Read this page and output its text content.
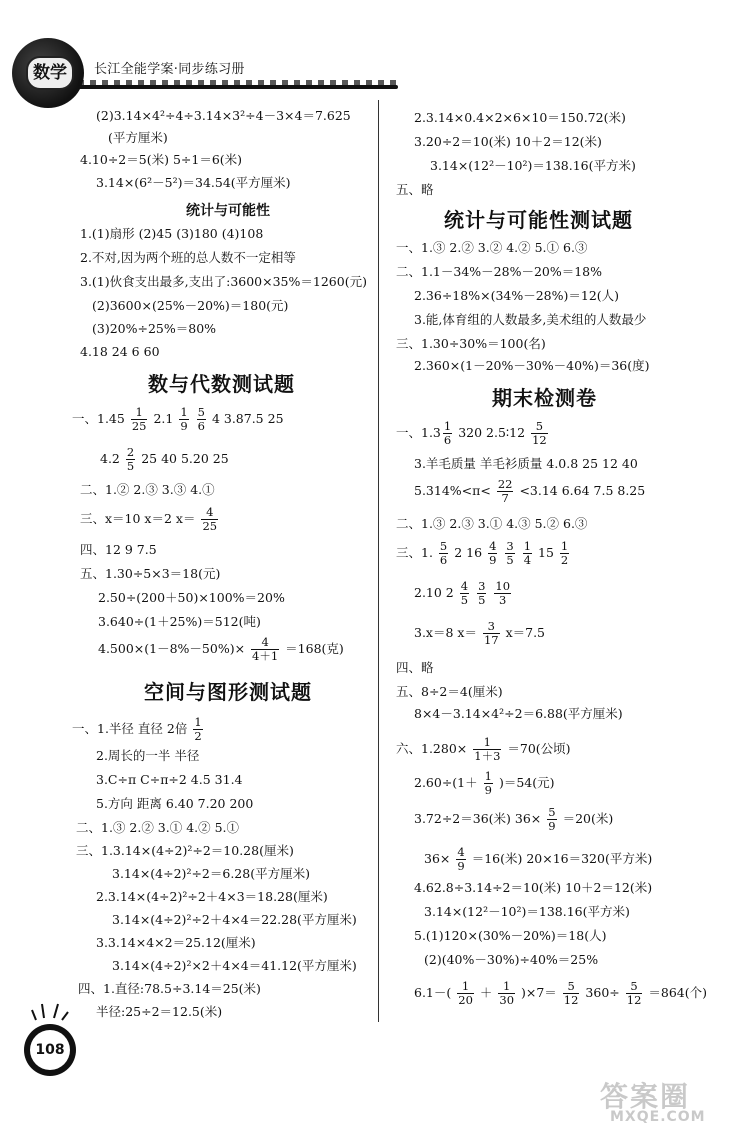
数学	长江全能学案·同步练习册
(2)3.14×4²÷4÷3.14×3²÷4－3×4＝7.625
(平方厘米)
4.10÷2＝5(米) 5÷1＝6(米)
3.14×(6²－5²)＝34.54(平方厘米)
统计与可能性
1.(1)扇形 (2)45 (3)180 (4)108
2.不对,因为两个班的总人数不一定相等
3.(1)伙食支出最多,支出了:3600×35%＝1260(元)
(2)3600×(25%－20%)＝180(元)
(3)20%÷25%＝80%
4.18 24 6 60
数与代数测试题
一、$1.45 \frac{1}{25} 2.1 \frac{1}{9}$
$\frac{5}{6} 4$ 3.87.5 25
$4.2 \frac{2}{5} 25$ 40 5.20 25
二、1.② 2.③ 3.③ 4.①
三、x＝10 x＝2 $x= \frac{4}{25}$
四、12 9 7.5
五、1.30÷5×3＝18(元)
2.50÷(200＋50)×100%＝20%
3.640÷(1＋25%)＝512(吨)
$4.500\times(1-8\%-50\%)\times \frac{4}{4+1} =168$(克)
空间与图形测试题
一、1.半径 直径 2倍 $\frac{1}{2}$
2.周长的一半 半径
3.C÷π C÷π÷2 4.5 31.4
5.方向 距离 6.40 7.20 200
二、1.③ 2.② 3.① 4.② 5.①
三、1.3.14×(4÷2)²÷2＝10.28(厘米)
3.14×(4÷2)²÷2＝6.28(平方厘米)
2.3.14×(4÷2)²÷2＋4×3＝18.28(厘米)
3.14×(4÷2)²÷2＋4×4＝22.28(平方厘米)
3.3.14×4×2＝25.12(厘米)
3.14×(4÷2)²×2＋4×4＝41.12(平方厘米)
四、1.直径:78.5÷3.14＝25(米)
半径:25÷2＝12.5(米)
2.3.14×0.4×2×6×10＝150.72(米)
3.20÷2＝10(米) 10＋2＝12(米)
3.14×(12²－10²)＝138.16(平方米)
五、略
统计与可能性测试题
一、1.③ 2.② 3.② 4.② 5.① 6.③
二、1.1－34%－28%－20%＝18%
2.36÷18%×(34%－28%)＝12(人)
3.能,体育组的人数最多,美术组的人数最少
三、1.30÷30%＝100(名)
2.360×(1－20%－30%－40%)＝36(度)
期末检测卷
一、$1.3 \frac{1}{6} 320$ 2.5∶12 $\frac{5}{12}$
3.羊毛质量 羊毛衫质量 4.0.8 25 12 40
$5.314\%<\pi< \frac{22}{7} <3.14$ 6.64 7.5 8.25
二、1.③ 2.③ 3.① 4.③ 5.② 6.③
三、1. $\frac{5}{6} 2$ $16 \frac{4}{9}$
$\frac{3}{5}$
$\frac{1}{4} 15 \frac{1}{2}$
2.10 $2 \frac{4}{5}$
$\frac{3}{5}$
$\frac{10}{3}$
3.x＝8 $x= \frac{3}{17} x=7.5$
四、略
五、8÷2＝4(厘米)
8×4－3.14×4²÷2＝6.88(平方厘米)
六、$1.280\times \frac{1}{1+3} =70$(公顷)
$2.60\div(1+ \frac{1}{9} )=54$(元)
3.72÷2＝36(米) $36\times \frac{5}{9} =20$(米)
$36\times \frac{4}{9} =16$(米) 20×16＝320(平方米)
4.62.8÷3.14÷2＝10(米) 10＋2＝12(米)
3.14×(12²－10²)＝138.16(平方米)
5.(1)120×(30%－20%)＝18(人)
(2)(40%－30%)÷40%＝25%
$6.1-( \frac{1}{20} + \frac{1}{30} )\times 7= \frac{5}{12} 360\div \frac{5}{12} =864$(个)
108
答案圈
MXQE.COM
